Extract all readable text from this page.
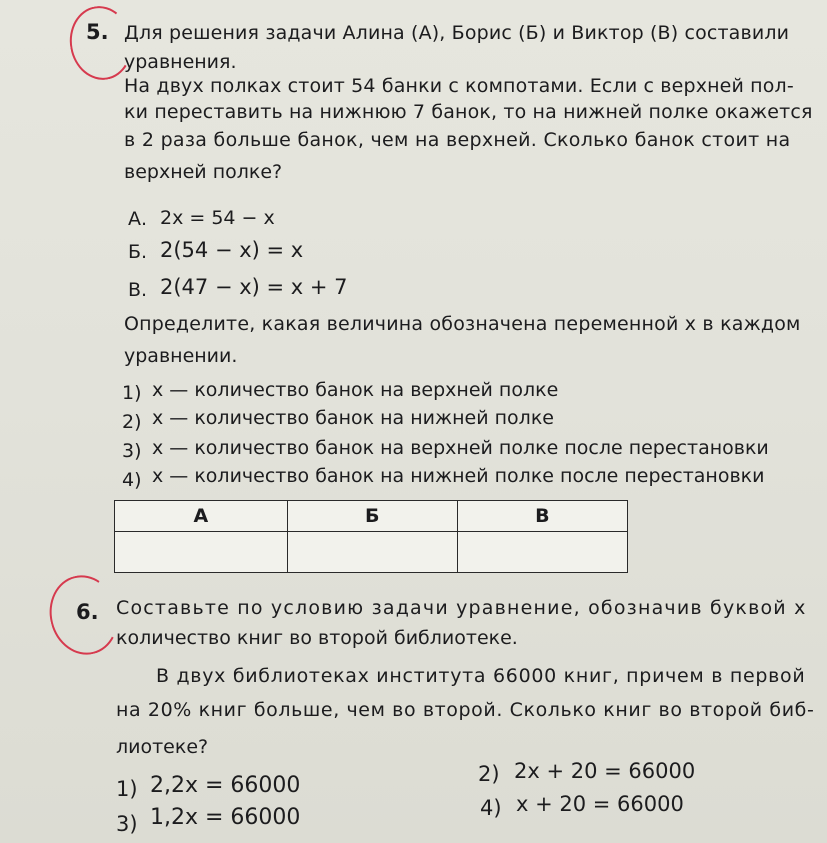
5. Для решения задачи Алина (А), Борис (Б) и Виктор (В) составили
уравнения.
На двух полках стоит 54 банки с компотами. Если с верхней пол-
ки переставить на нижнюю 7 банок, то на нижней полке окажется
в 2 раза больше банок, чем на верхней. Сколько банок стоит на
верхней полке?
А. 2x = 54 − x
Б. 2(54 − x) = x
В. 2(47 − x) = x + 7
Определите, какая величина обозначена переменной x в каждом
уравнении.
1) x — количество банок на верхней полке
2) x — количество банок на нижней полке
3) x — количество банок на верхней полке после перестановки
4) x — количество банок на нижней полке после перестановки
А	Б	В

6. Составьте по условию задачи уравнение, обозначив буквой x
количество книг во второй библиотеке.
В двух библиотеках института 66000 книг, причем в первой
на 20% книг больше, чем во второй. Сколько книг во второй биб-
лиотеке?
1) 2,2x = 66000	2) 2x + 20 = 66000
3) 1,2x = 66000	4) x + 20 = 66000
